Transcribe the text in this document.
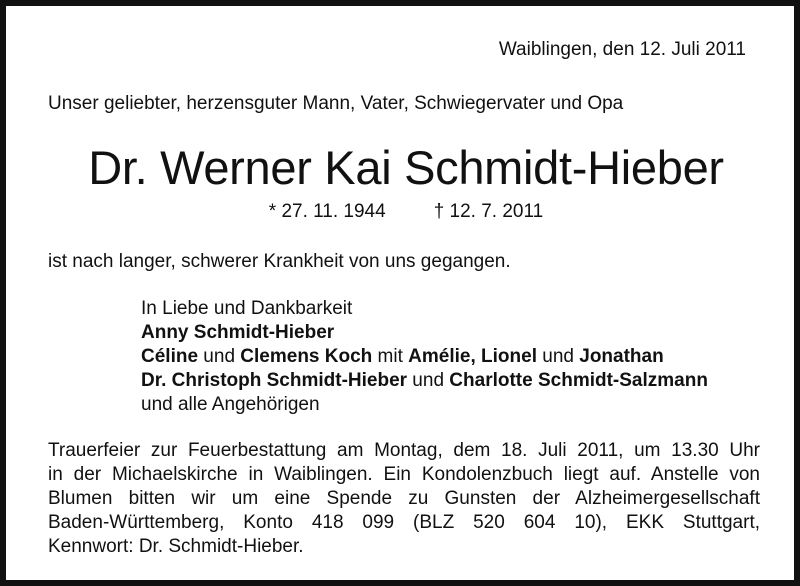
Waiblingen, den 12. Juli 2011
Unser geliebter, herzensguter Mann, Vater, Schwiegervater und Opa
Dr. Werner Kai Schmidt-Hieber
* 27. 11. 1944	† 12. 7. 2011
ist nach langer, schwerer Krankheit von uns gegangen.
In Liebe und Dankbarkeit
Anny Schmidt-Hieber
Céline und Clemens Koch mit Amélie, Lionel und Jonathan
Dr. Christoph Schmidt-Hieber und Charlotte Schmidt-Salzmann
und alle Angehörigen
Trauerfeier zur Feuerbestattung am Montag, dem 18. Juli 2011, um 13.30 Uhr
in der Michaelskirche in Waiblingen. Ein Kondolenzbuch liegt auf. Anstelle von
Blumen bitten wir um eine Spende zu Gunsten der Alzheimergesellschaft
Baden-Württemberg, Konto 418 099 (BLZ 520 604 10), EKK Stuttgart,
Kennwort: Dr. Schmidt-Hieber.
